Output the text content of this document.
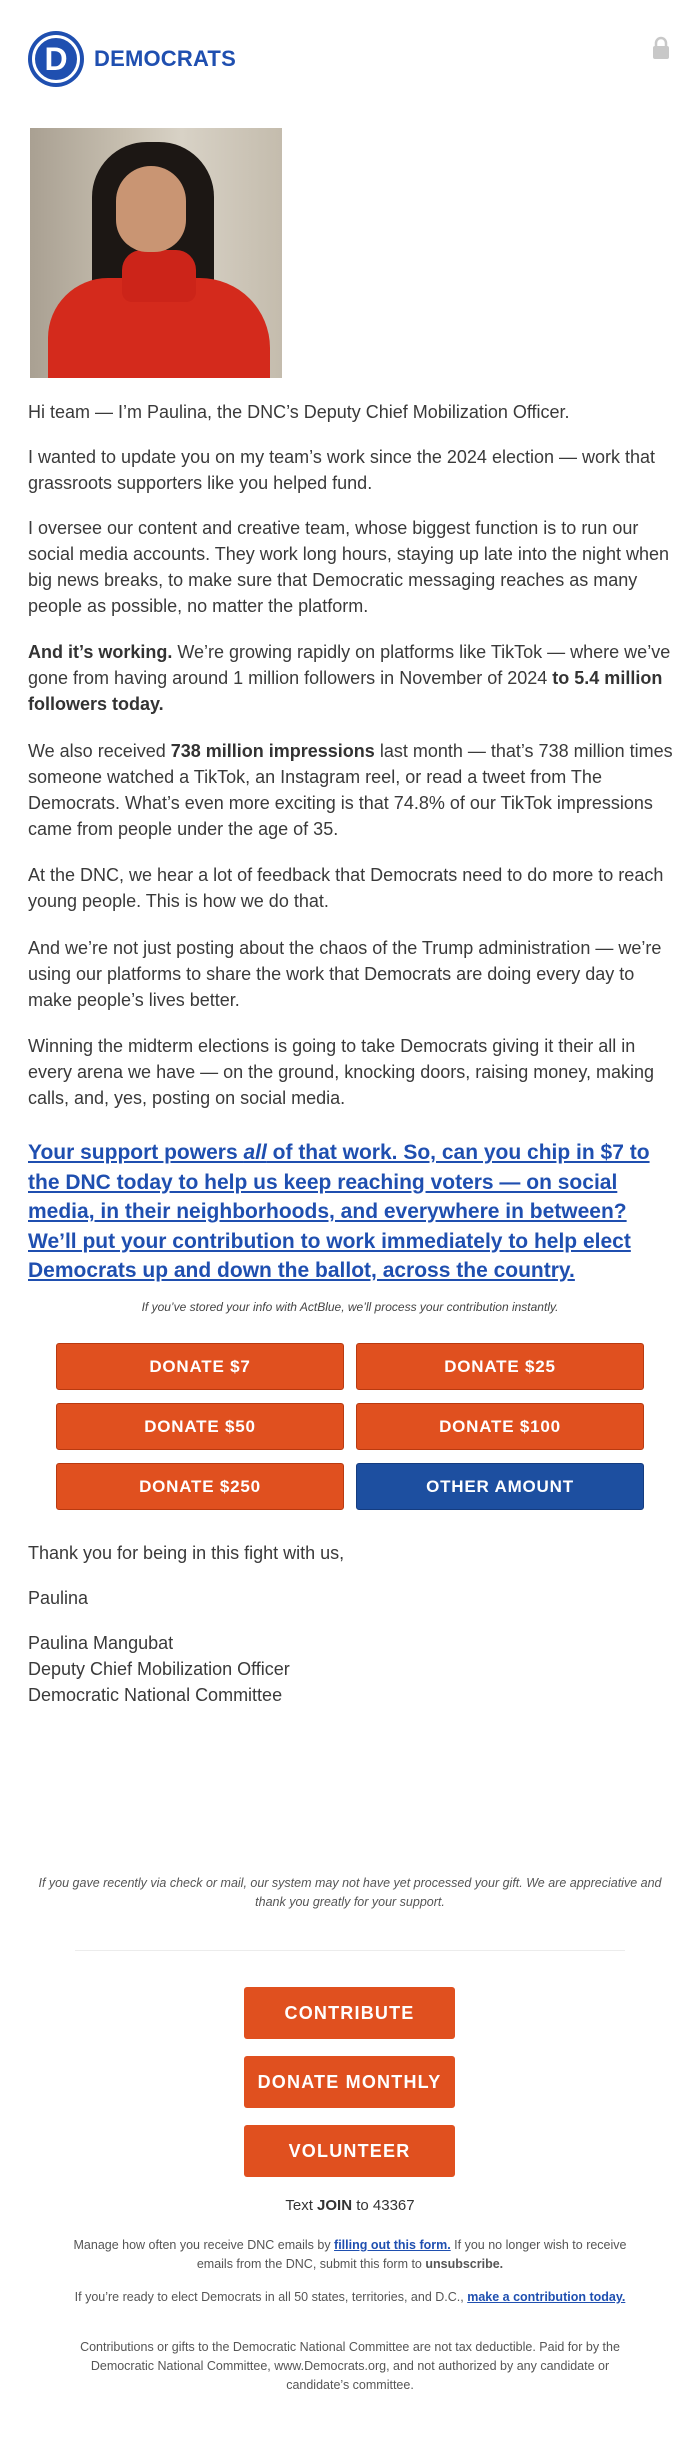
D DEMOCRATS

Hi team — I’m Paulina, the DNC’s Deputy Chief Mobilization Officer.

I wanted to update you on my team’s work since the 2024 election — work that grassroots supporters like you helped fund.

I oversee our content and creative team, whose biggest function is to run our social media accounts. They work long hours, staying up late into the night when big news breaks, to make sure that Democratic messaging reaches as many people as possible, no matter the platform.

And it’s working. We’re growing rapidly on platforms like TikTok — where we’ve gone from having around 1 million followers in November of 2024 to 5.4 million followers today.

We also received 738 million impressions last month — that’s 738 million times someone watched a TikTok, an Instagram reel, or read a tweet from The Democrats. What’s even more exciting is that 74.8% of our TikTok impressions came from people under the age of 35.

At the DNC, we hear a lot of feedback that Democrats need to do more to reach young people. This is how we do that.

And we’re not just posting about the chaos of the Trump administration — we’re using our platforms to share the work that Democrats are doing every day to make people’s lives better.

Winning the midterm elections is going to take Democrats giving it their all in every arena we have — on the ground, knocking doors, raising money, making calls, and, yes, posting on social media.

Your support powers all of that work. So, can you chip in $7 to the DNC today to help us keep reaching voters — on social media, in their neighborhoods, and everywhere in between? We’ll put your contribution to work immediately to help elect Democrats up and down the ballot, across the country.

If you’ve stored your info with ActBlue, we’ll process your contribution instantly.

DONATE $7	DONATE $25
DONATE $50	DONATE $100
DONATE $250	OTHER AMOUNT

Thank you for being in this fight with us,

Paulina

Paulina Mangubat
Deputy Chief Mobilization Officer
Democratic National Committee

If you gave recently via check or mail, our system may not have yet processed your gift. We are appreciative and thank you greatly for your support.

CONTRIBUTE
DONATE MONTHLY
VOLUNTEER

Text JOIN to 43367

Manage how often you receive DNC emails by filling out this form. If you no longer wish to receive emails from the DNC, submit this form to unsubscribe.

If you’re ready to elect Democrats in all 50 states, territories, and D.C., make a contribution today.

Contributions or gifts to the Democratic National Committee are not tax deductible. Paid for by the Democratic National Committee, www.Democrats.org, and not authorized by any candidate or candidate’s committee.
